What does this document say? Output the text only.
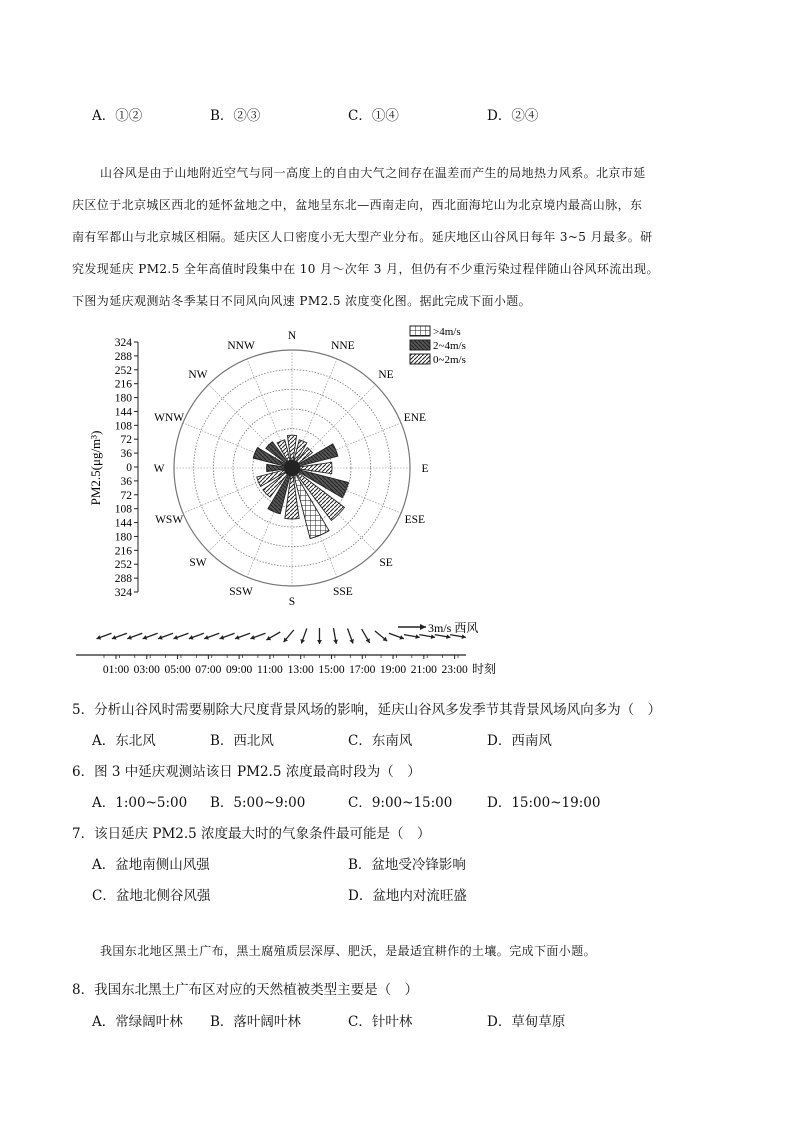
A．①②	B．②③	C．①④	D．②④
山谷风是由于山地附近空气与同一高度上的自由大气之间存在温差而产生的局地热力风系。北京市延
庆区位于北京城区西北的延怀盆地之中，盆地呈东北—西南走向，西北面海坨山为北京境内最高山脉，东
南有军都山与北京城区相隔。延庆区人口密度小无大型产业分布。延庆地区山谷风日每年 3~5 月最多。研
究发现延庆 PM2.5 全年高值时段集中在 10 月～次年 3 月，但仍有不少重污染过程伴随山谷风环流出现。
下图为延庆观测站冬季某日不同风向风速 PM2.5 浓度变化图。据此完成下面小题。
324
288
252
216
180
144
108
72
36
0
36
72
108
144
180
216
252
288
324
PM2.5(μg/m³)
N
NNE
NE
ENE
E
ESE
SE
SSE
S
SSW
SW
WSW
W
WNW
NW
NNW
>4m/s
2~4m/s
0~2m/s
3m/s 西风
01:00 03:00 05:00 07:00 09:00 11:00 13:00 15:00 17:00 19:00 21:00 23:00 时刻
5．分析山谷风时需要剔除大尺度背景风场的影响，延庆山谷风多发季节其背景风场风向多为（　）
A．东北风	B．西北风	C．东南风	D．西南风
6．图 3 中延庆观测站该日 PM2.5 浓度最高时段为（　）
A．1:00~5:00 B．5:00~9:00	C．9:00~15:00	D．15:00~19:00
7．该日延庆 PM2.5 浓度最大时的气象条件最可能是（　）
A．盆地南侧山风强	B．盆地受冷锋影响
C．盆地北侧谷风强	D．盆地内对流旺盛
我国东北地区黑土广布，黑土腐殖质层深厚、肥沃，是最适宜耕作的土壤。完成下面小题。
8．我国东北黑土广布区对应的天然植被类型主要是（　）
A．常绿阔叶林 B．落叶阔叶林	C．针叶林	D．草甸草原
